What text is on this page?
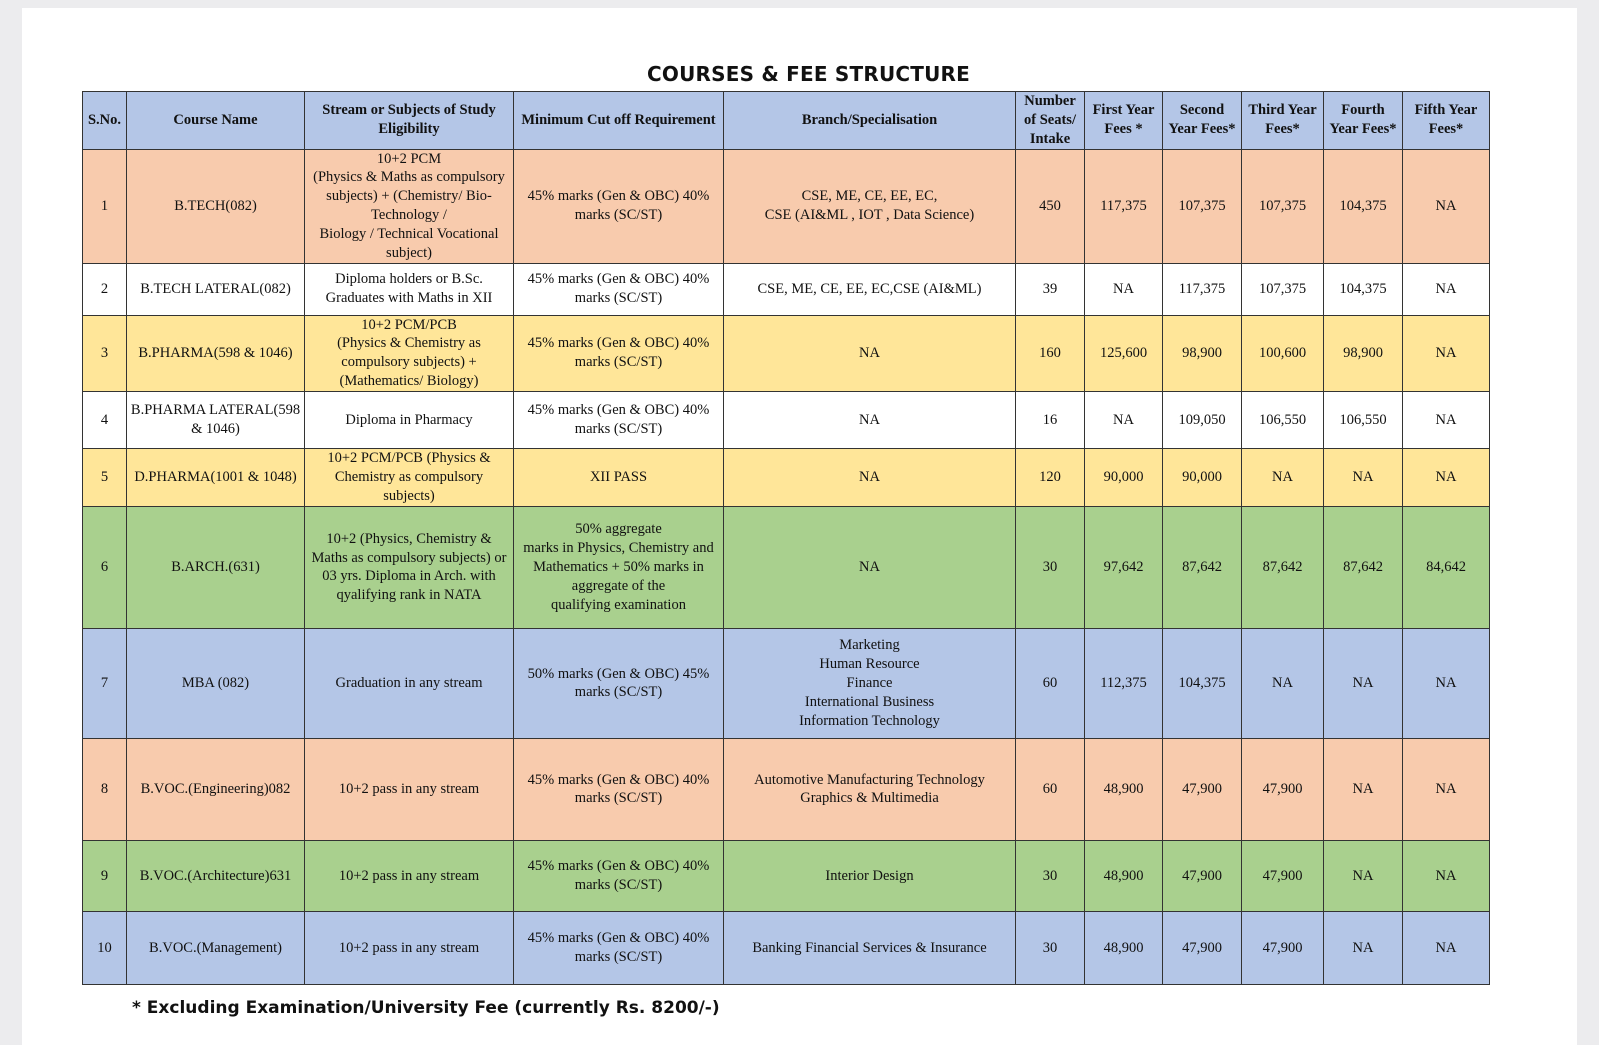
COURSES & FEE STRUCTURE
S.No.	Course Name	Stream or Subjects of Study Eligibility	Minimum Cut off Requirement	Branch/Specialisation	Number of Seats/ Intake	First Year Fees *	Second Year Fees*	Third Year Fees*	Fourth Year Fees*	Fifth Year Fees*
1	B.TECH(082)	10+2 PCM
(Physics & Maths as compulsory subjects) + (Chemistry/ Bio-Technology /
Biology / Technical Vocational subject)	45% marks (Gen & OBC) 40% marks (SC/ST)	CSE, ME, CE, EE, EC,
CSE (AI&ML , IOT , Data Science)	450	117,375	107,375	107,375	104,375	NA
2	B.TECH LATERAL(082)	Diploma holders or B.Sc. Graduates with Maths in XII	45% marks (Gen & OBC) 40% marks (SC/ST)	CSE, ME, CE, EE, EC,CSE (AI&ML)	39	NA	117,375	107,375	104,375	NA
3	B.PHARMA(598 & 1046)	10+2 PCM/PCB
(Physics & Chemistry as compulsory subjects) + (Mathematics/ Biology)	45% marks (Gen & OBC) 40% marks (SC/ST)	NA	160	125,600	98,900	100,600	98,900	NA
4	B.PHARMA LATERAL(598 & 1046)	Diploma in Pharmacy	45% marks (Gen & OBC) 40% marks (SC/ST)	NA	16	NA	109,050	106,550	106,550	NA
5	D.PHARMA(1001 & 1048)	10+2 PCM/PCB (Physics & Chemistry as compulsory subjects)	XII PASS	NA	120	90,000	90,000	NA	NA	NA
6	B.ARCH.(631)	10+2 (Physics, Chemistry & Maths as compulsory subjects) or 03 yrs. Diploma in Arch. with qyalifying rank in NATA	50% aggregate
marks in Physics, Chemistry and Mathematics + 50% marks in aggregate of the
qualifying examination	NA	30	97,642	87,642	87,642	87,642	84,642
7	MBA (082)	Graduation in any stream	50% marks (Gen & OBC) 45% marks (SC/ST)	Marketing
Human Resource
Finance
International Business
Information Technology	60	112,375	104,375	NA	NA	NA
8	B.VOC.(Engineering)082	10+2 pass in any stream	45% marks (Gen & OBC) 40% marks (SC/ST)	Automotive Manufacturing Technology
Graphics & Multimedia	60	48,900	47,900	47,900	NA	NA
9	B.VOC.(Architecture)631	10+2 pass in any stream	45% marks (Gen & OBC) 40% marks (SC/ST)	Interior Design	30	48,900	47,900	47,900	NA	NA
10	B.VOC.(Management)	10+2 pass in any stream	45% marks (Gen & OBC) 40% marks (SC/ST)	Banking Financial Services & Insurance	30	48,900	47,900	47,900	NA	NA
* Excluding Examination/University Fee (currently Rs. 8200/-)
